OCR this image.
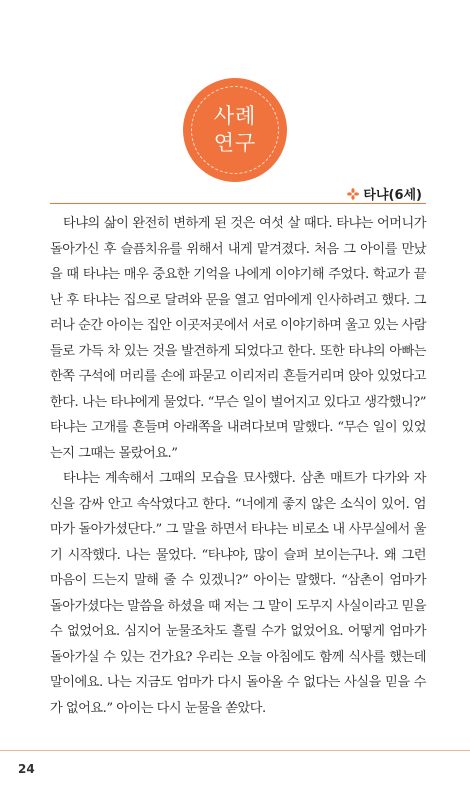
사례
연구
타냐(6세)

타냐의 삶이 완전히 변하게 된 것은 여섯 살 때다. 타냐는 어머니가 돌아가신 후 슬픔치유를 위해서 내게 맡겨졌다. 처음 그 아이를 만났을 때 타냐는 매우 중요한 기억을 나에게 이야기해 주었다. 학교가 끝난 후 타냐는 집으로 달려와 문을 열고 엄마에게 인사하려고 했다. 그러나 순간 아이는 집안 이곳저곳에서 서로 이야기하며 울고 있는 사람들로 가득 차 있는 것을 발견하게 되었다고 한다. 또한 타냐의 아빠는 한쪽 구석에 머리를 손에 파묻고 이리저리 흔들거리며 앉아 있었다고 한다. 나는 타냐에게 물었다. “무슨 일이 벌어지고 있다고 생각했니?” 타냐는 고개를 흔들며 아래쪽을 내려다보며 말했다. “무슨 일이 있었는지 그때는 몰랐어요.”

타냐는 계속해서 그때의 모습을 묘사했다. 삼촌 매트가 다가와 자신을 감싸 안고 속삭였다고 한다. “너에게 좋지 않은 소식이 있어. 엄마가 돌아가셨단다.” 그 말을 하면서 타냐는 비로소 내 사무실에서 울기 시작했다. 나는 물었다. “타냐야, 많이 슬퍼 보이는구나. 왜 그런 마음이 드는지 말해 줄 수 있겠니?” 아이는 말했다. “삼촌이 엄마가 돌아가셨다는 말씀을 하셨을 때 저는 그 말이 도무지 사실이라고 믿을 수 없었어요. 심지어 눈물조차도 흘릴 수가 없었어요. 어떻게 엄마가 돌아가실 수 있는 건가요? 우리는 오늘 아침에도 함께 식사를 했는데 말이에요. 나는 지금도 엄마가 다시 돌아올 수 없다는 사실을 믿을 수가 없어요.” 아이는 다시 눈물을 쏟았다.

24
